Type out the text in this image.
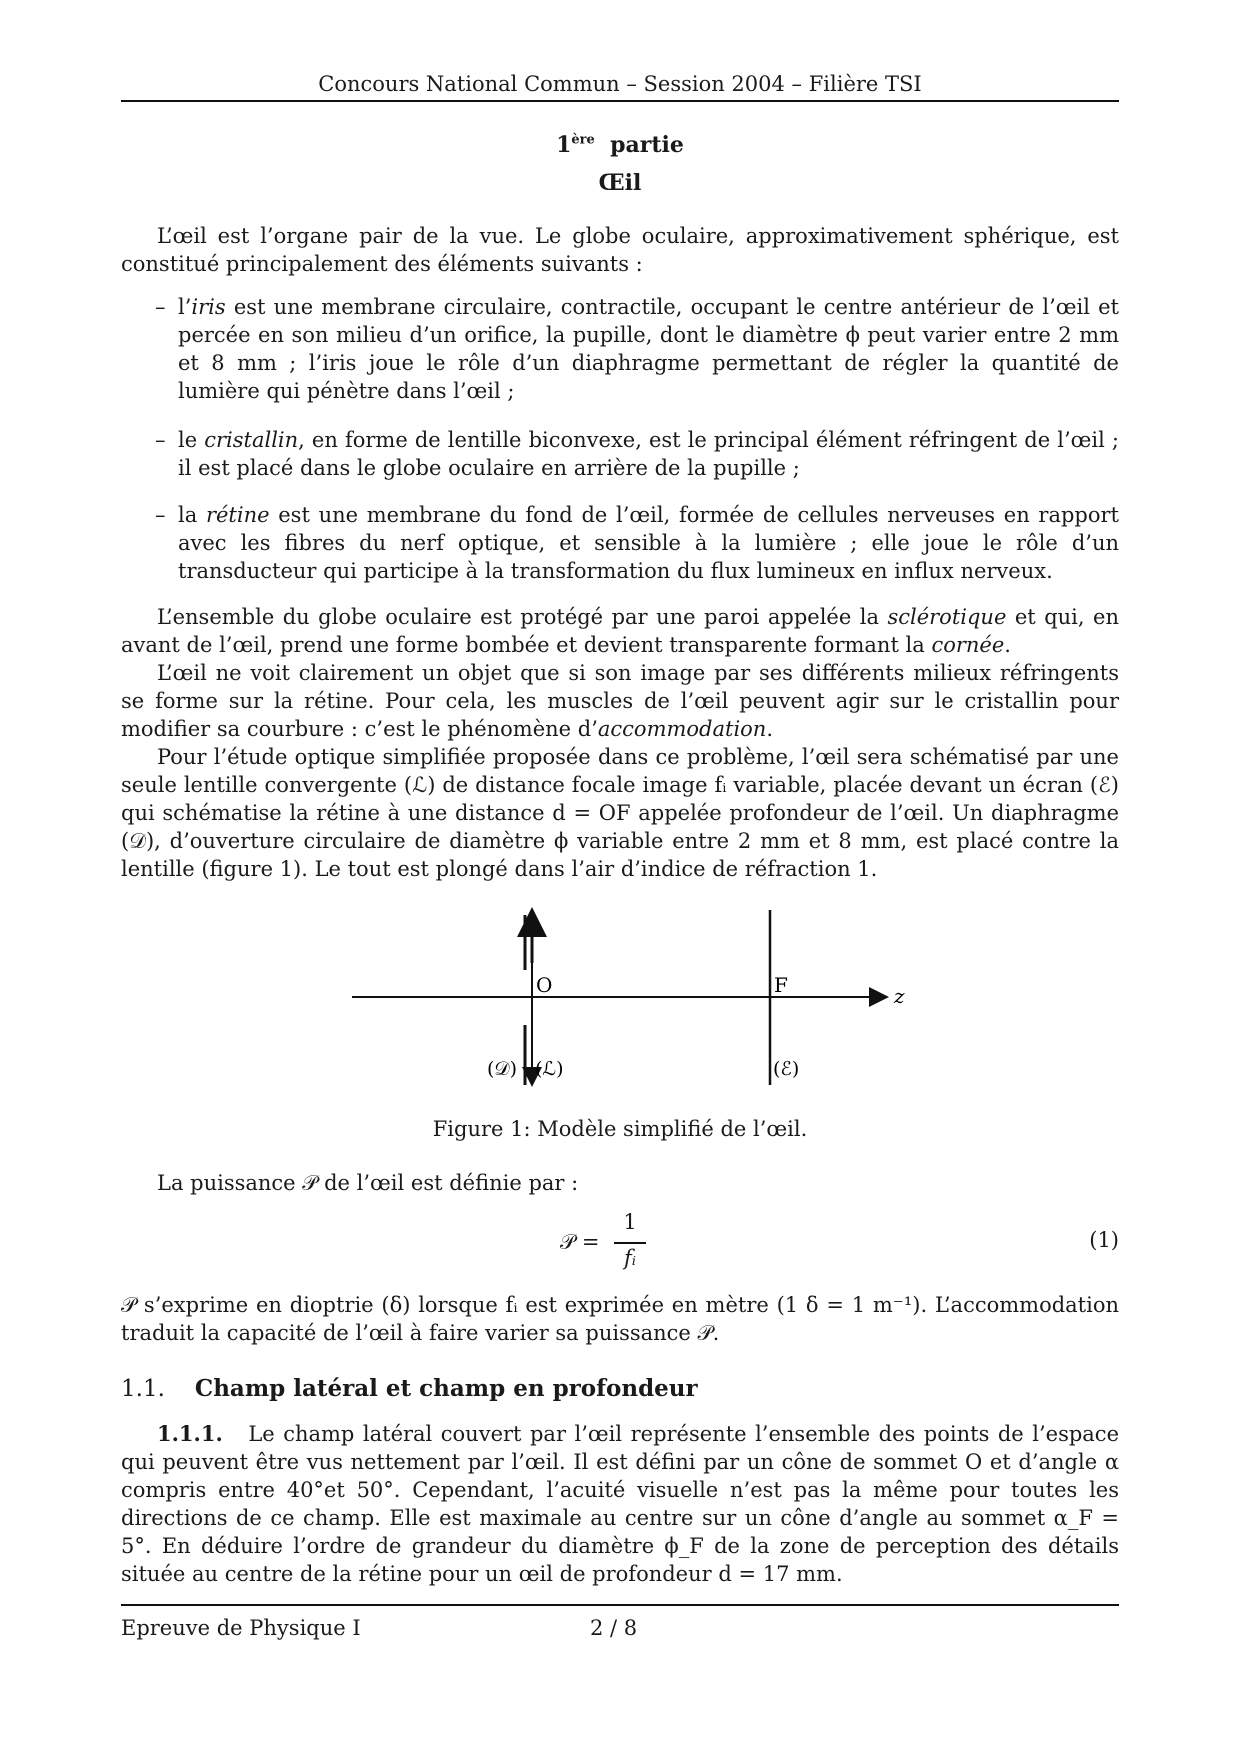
Concours National Commun – Session 2004 – Filière TSI
1ère partie
Œil

L’œil est l’organe pair de la vue. Le globe oculaire, approximativement sphérique, est constitué principalement des éléments suivants :

– l’iris est une membrane circulaire, contractile, occupant le centre antérieur de l’œil et percée en son milieu d’un orifice, la pupille, dont le diamètre ϕ peut varier entre 2 mm et 8 mm ; l’iris joue le rôle d’un diaphragme permettant de régler la quantité de lumière qui pénètre dans l’œil ;
– le cristallin, en forme de lentille biconvexe, est le principal élément réfringent de l’œil ; il est placé dans le globe oculaire en arrière de la pupille ;
– la rétine est une membrane du fond de l’œil, formée de cellules nerveuses en rapport avec les fibres du nerf optique, et sensible à la lumière ; elle joue le rôle d’un transducteur qui participe à la transformation du flux lumineux en influx nerveux.

L’ensemble du globe oculaire est protégé par une paroi appelée la sclérotique et qui, en avant de l’œil, prend une forme bombée et devient transparente formant la cornée.

L’œil ne voit clairement un objet que si son image par ses différents milieux réfringents se forme sur la rétine. Pour cela, les muscles de l’œil peuvent agir sur le cristallin pour modifier sa courbure : c’est le phénomène d’accommodation.

Pour l’étude optique simplifiée proposée dans ce problème, l’œil sera schématisé par une seule lentille convergente (ℒ) de distance focale image fᵢ variable, placée devant un écran (ℰ) qui schématise la rétine à une distance d = OF appelée profondeur de l’œil. Un diaphragme (𝒟), d’ouverture circulaire de diamètre ϕ variable entre 2 mm et 8 mm, est placé contre la lentille (figure 1). Le tout est plongé dans l’air d’indice de réfraction 1.

O	F	z
(𝒟) (ℒ)	(ℰ)
Figure 1: Modèle simplifié de l’œil.

La puissance 𝒫 de l’œil est définie par :

𝒫 =
1
fᵢ
(1)

𝒫 s’exprime en dioptrie (δ) lorsque fᵢ est exprimée en mètre (1 δ = 1 m⁻¹). L’accommodation traduit la capacité de l’œil à faire varier sa puissance 𝒫.

1.1. Champ latéral et champ en profondeur

1.1.1. Le champ latéral couvert par l’œil représente l’ensemble des points de l’espace qui peuvent être vus nettement par l’œil. Il est défini par un cône de sommet O et d’angle α compris entre 40°et 50°. Cependant, l’acuité visuelle n’est pas la même pour toutes les directions de ce champ. Elle est maximale au centre sur un cône d’angle au sommet α_F = 5°. En déduire l’ordre de grandeur du diamètre ϕ_F de la zone de perception des détails située au centre de la rétine pour un œil de profondeur d = 17 mm.

Epreuve de Physique I	2 / 8
